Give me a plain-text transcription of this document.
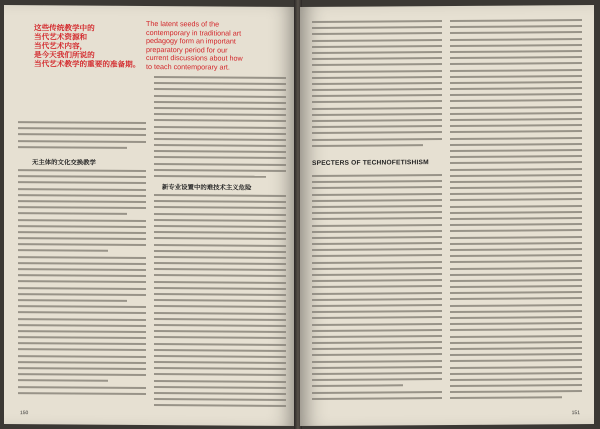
这些传统教学中的
当代艺术资源和
当代艺术内容，
是今天我们所说的
当代艺术教学的重要的准备期。
The latent seeds of the
contemporary in traditional art
pedagogy form an important
preparatory period for our
current discussions about how
to teach contemporary art.
无主体的文化交换教学
新专业设置中的难技术主义危险
150
SPECTERS OF TECHNOFETISHISM
151
